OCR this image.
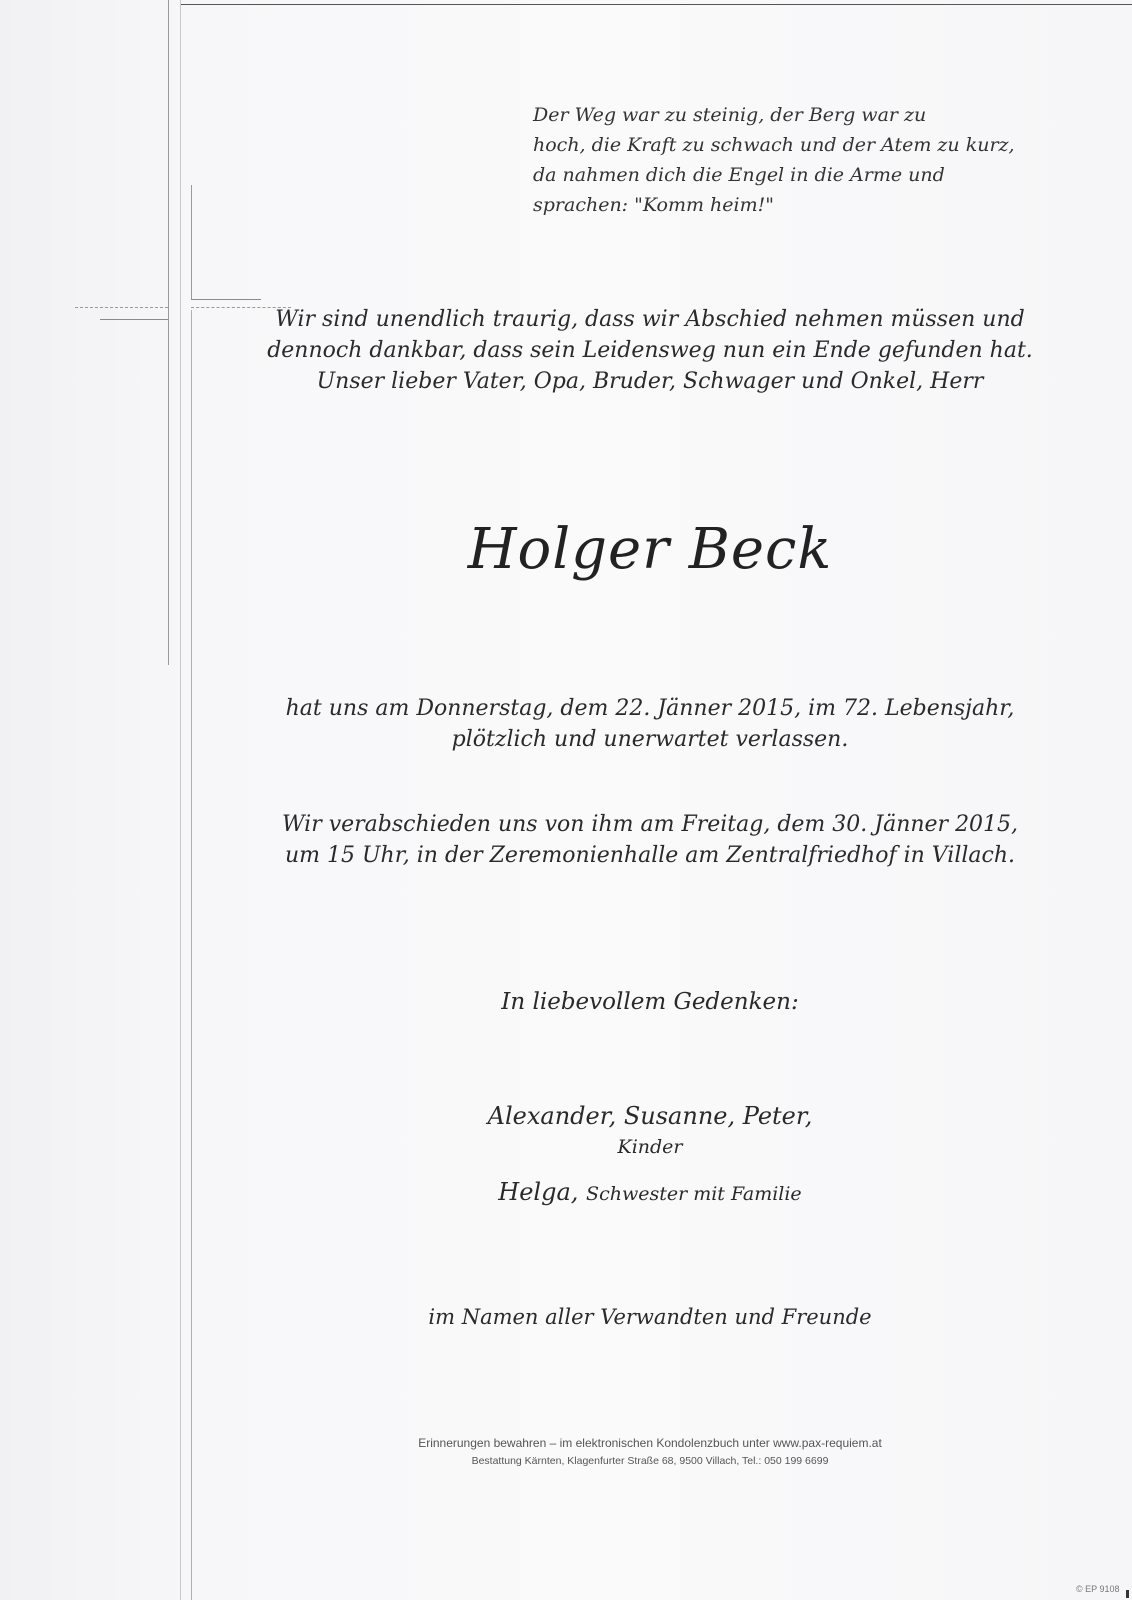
Der Weg war zu steinig, der Berg war zu
hoch, die Kraft zu schwach und der Atem zu kurz,
da nahmen dich die Engel in die Arme und
sprachen: "Komm heim!"
Wir sind unendlich traurig, dass wir Abschied nehmen müssen und
dennoch dankbar, dass sein Leidensweg nun ein Ende gefunden hat.
Unser lieber Vater, Opa, Bruder, Schwager und Onkel, Herr
Holger Beck
hat uns am Donnerstag, dem 22. Jänner 2015, im 72. Lebensjahr,
plötzlich und unerwartet verlassen.
Wir verabschieden uns von ihm am Freitag, dem 30. Jänner 2015,
um 15 Uhr, in der Zeremonienhalle am Zentralfriedhof in Villach.
In liebevollem Gedenken:
Alexander, Susanne, Peter,
Kinder
Helga, Schwester mit Familie
im Namen aller Verwandten und Freunde
Erinnerungen bewahren – im elektronischen Kondolenzbuch unter www.pax-requiem.at
Bestattung Kärnten, Klagenfurter Straße 68, 9500 Villach, Tel.: 050 199 6699
© EP 9108
